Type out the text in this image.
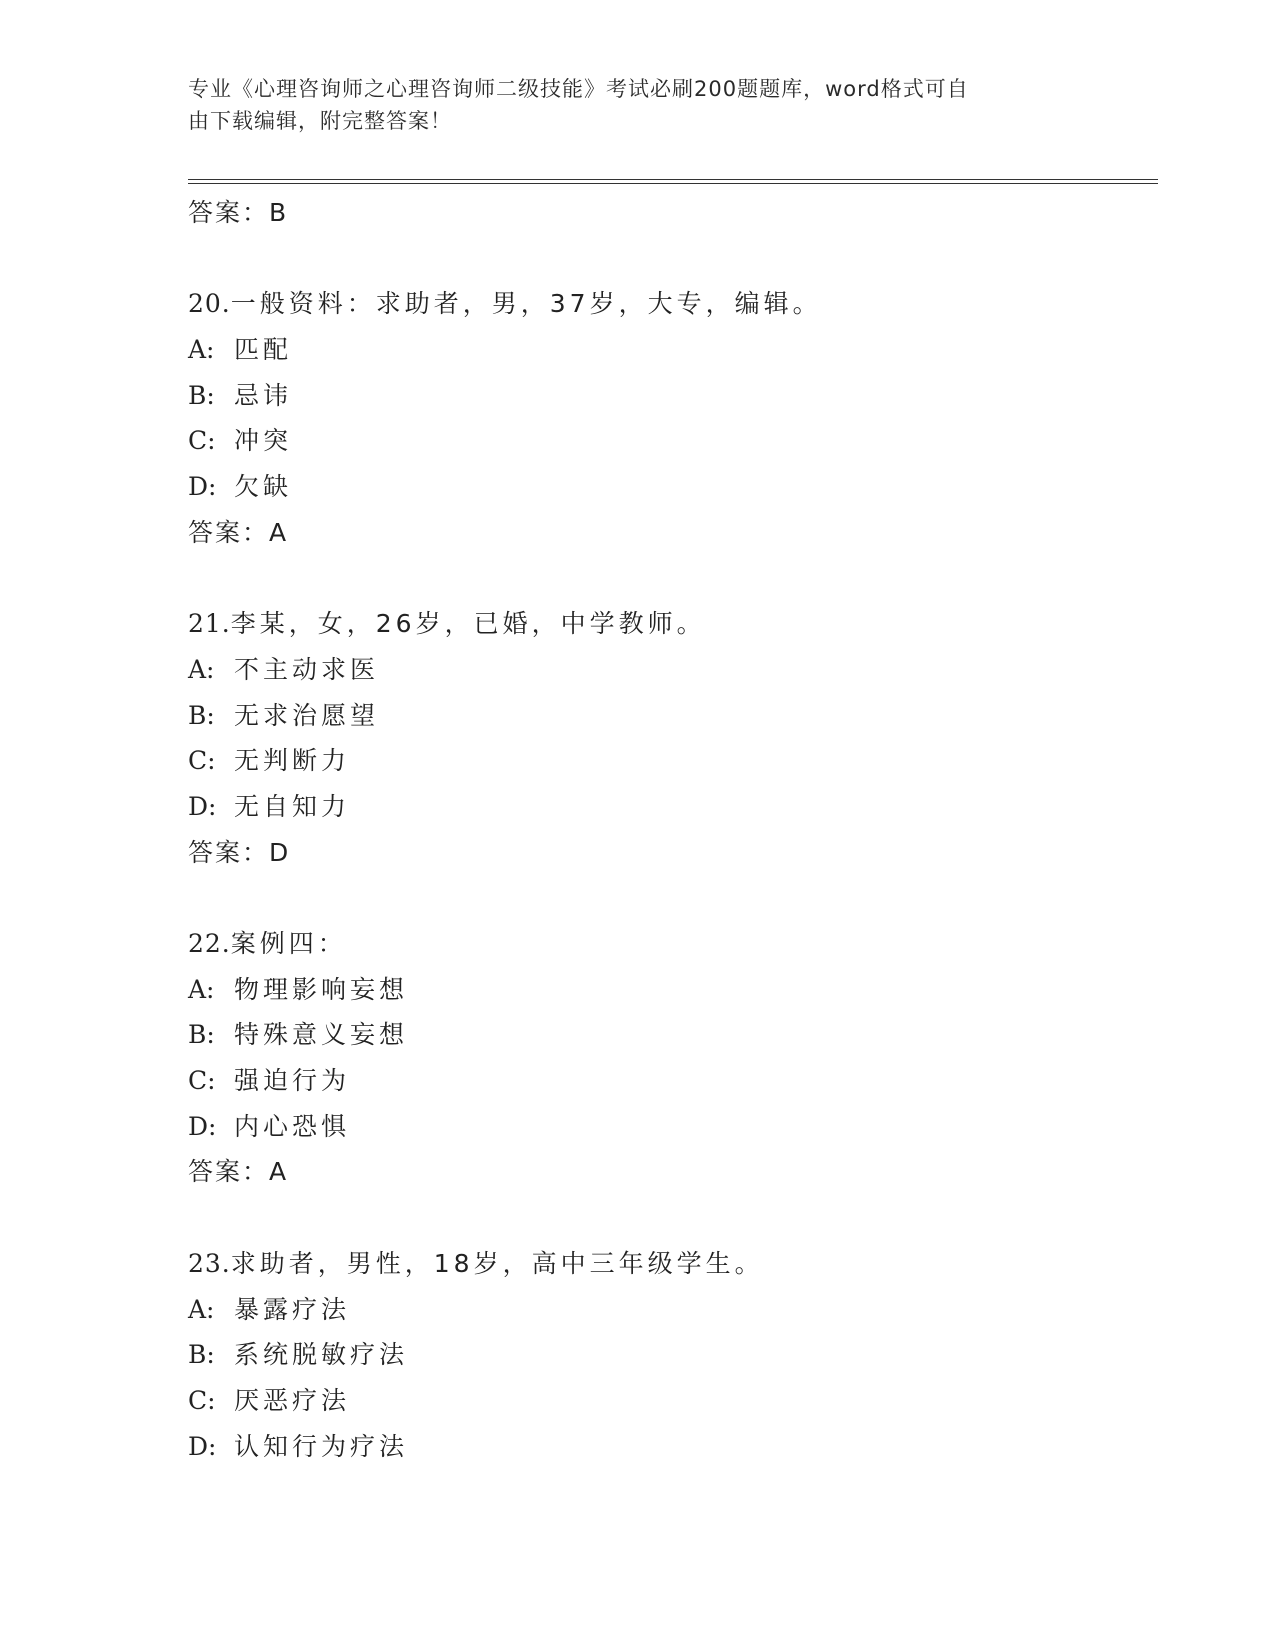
专业《心理咨询师之心理咨询师二级技能》考试必刷200题题库，word格式可自
由下载编辑，附完整答案！
答案：B
20.一般资料：求助者，男，37岁，大专，编辑。
A: 匹配
B: 忌讳
C: 冲突
D: 欠缺
答案：A
21.李某，女，26岁，已婚，中学教师。
A: 不主动求医
B: 无求治愿望
C: 无判断力
D: 无自知力
答案：D
22.案例四：
A: 物理影响妄想
B: 特殊意义妄想
C: 强迫行为
D: 内心恐惧
答案：A
23.求助者，男性，18岁，高中三年级学生。
A: 暴露疗法
B: 系统脱敏疗法
C: 厌恶疗法
D: 认知行为疗法
